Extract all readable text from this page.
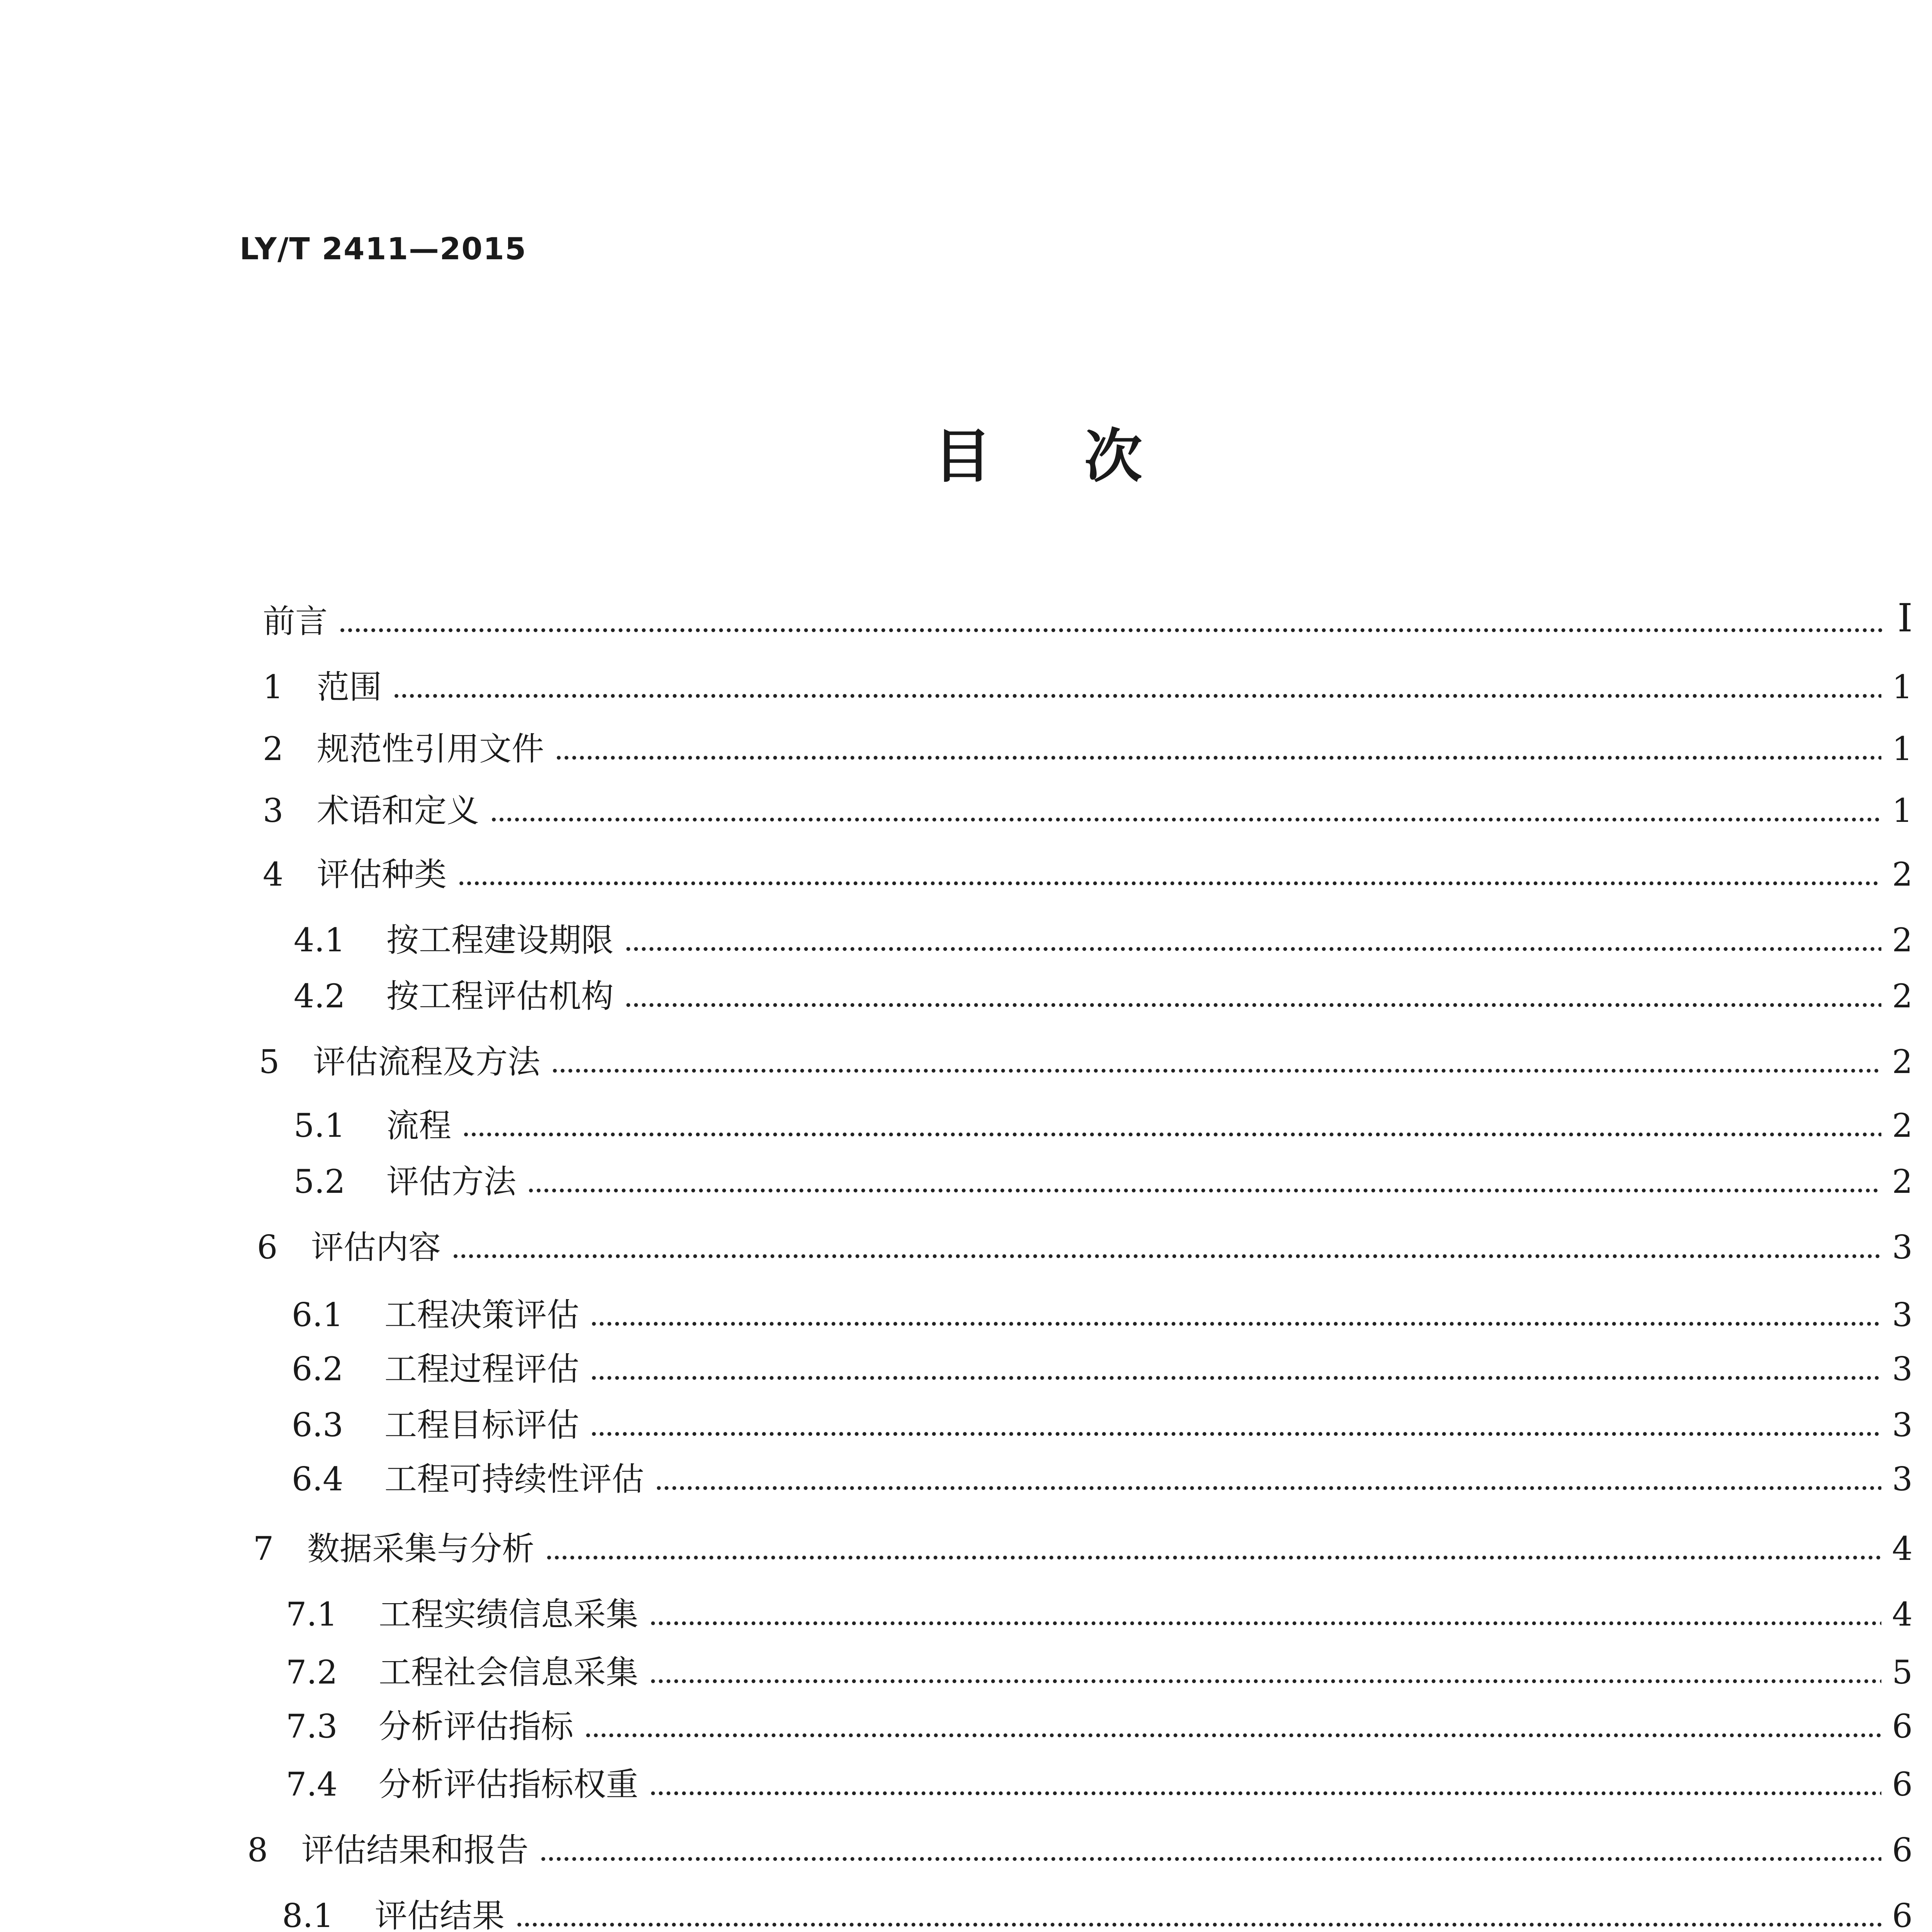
LY/T 2411—2015
目 次
前言	I
1	范围	1
2	规范性引用文件	1
3	术语和定义	1
4	评估种类	2
4.1	按工程建设期限	2
4.2	按工程评估机构	2
5	评估流程及方法	2
5.1	流程	2
5.2	评估方法	2
6	评估内容	3
6.1	工程决策评估	3
6.2	工程过程评估	3
6.3	工程目标评估	3
6.4	工程可持续性评估	3
7	数据采集与分析	4
7.1	工程实绩信息采集	4
7.2	工程社会信息采集	5
7.3	分析评估指标	6
7.4	分析评估指标权重	6
8	评估结果和报告	6
8.1	评估结果	6
